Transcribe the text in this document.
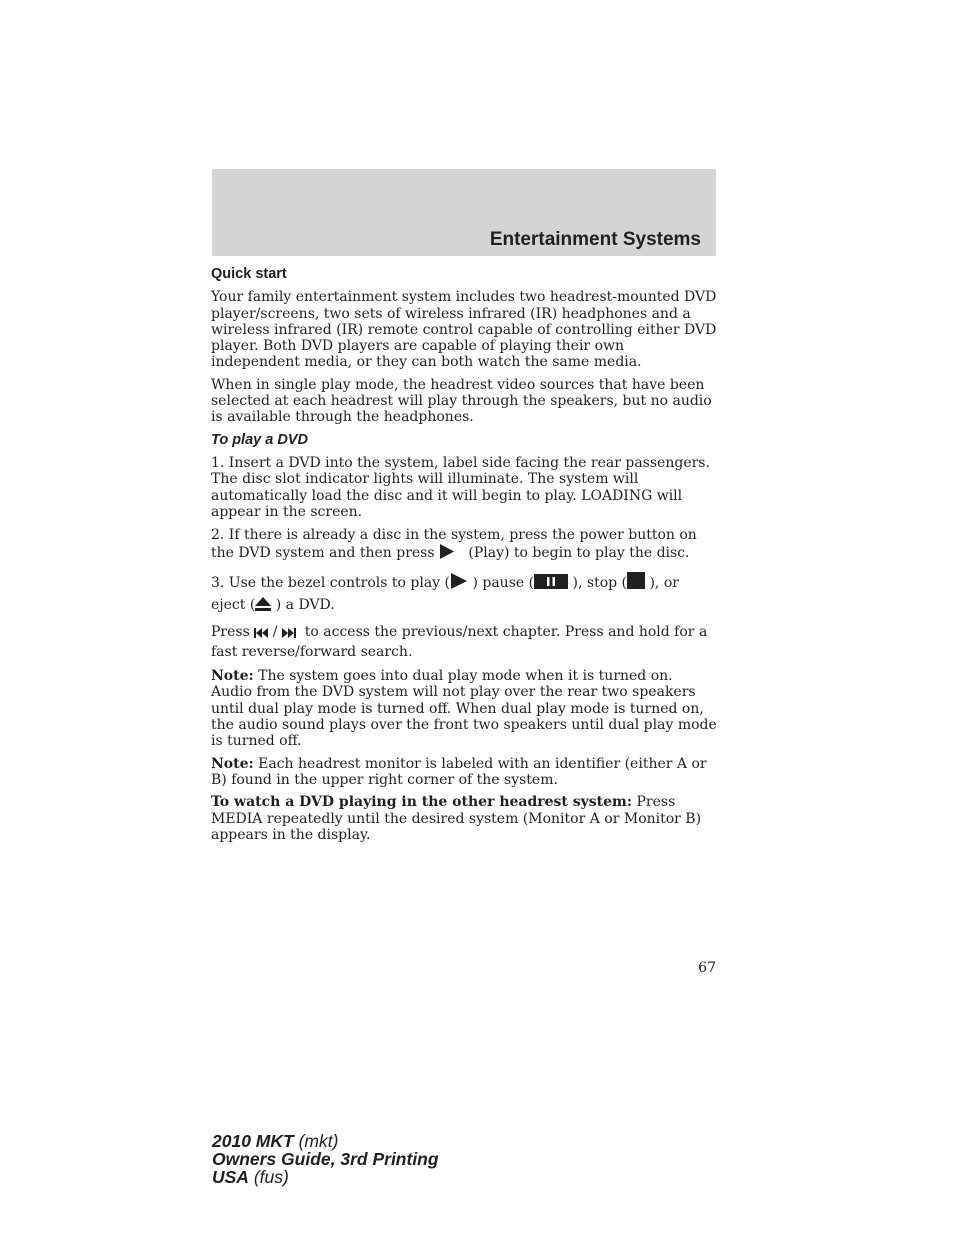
Entertainment Systems
Quick start

Your family entertainment system includes two headrest-mounted DVD player/screens, two sets of wireless infrared (IR) headphones and a wireless infrared (IR) remote control capable of controlling either DVD player. Both DVD players are capable of playing their own independent media, or they can both watch the same media.

When in single play mode, the headrest video sources that have been selected at each headrest will play through the speakers, but no audio is available through the headphones.

To play a DVD

1. Insert a DVD into the system, label side facing the rear passengers. The disc slot indicator lights will illuminate. The system will automatically load the disc and it will begin to play. LOADING will appear in the screen.

2. If there is already a disc in the system, press the power button on the DVD system and then press (Play) to begin to play the disc.

3. Use the bezel controls to play ( ) pause (	), stop ( ), or eject ( ) a DVD.

Press / to access the previous/next chapter. Press and hold for a fast reverse/forward search.

Note: The system goes into dual play mode when it is turned on. Audio from the DVD system will not play over the rear two speakers until dual play mode is turned off. When dual play mode is turned on, the audio sound plays over the front two speakers until dual play mode is turned off.

Note: Each headrest monitor is labeled with an identifier (either A or B) found in the upper right corner of the system.

To watch a DVD playing in the other headrest system: Press MEDIA repeatedly until the desired system (Monitor A or Monitor B) appears in the display.

67
2010 MKT (mkt)
Owners Guide, 3rd Printing
USA (fus)
